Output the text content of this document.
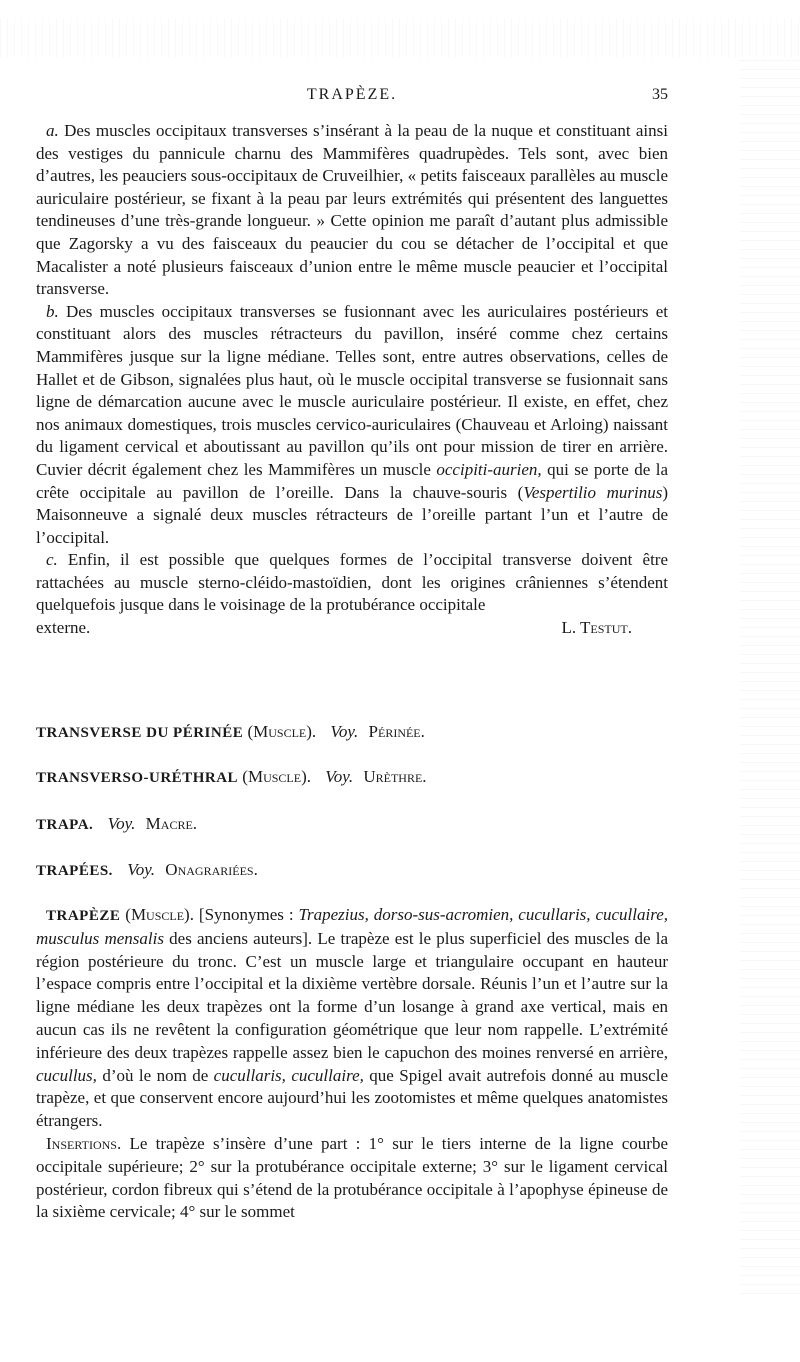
TRAPÈZE.	35

a. Des muscles occipitaux transverses s’insérant à la peau de la nuque et constituant ainsi des vestiges du pannicule charnu des Mammifères quadrupèdes. Tels sont, avec bien d’autres, les peauciers sous-occipitaux de Cruveilhier, « petits faisceaux parallèles au muscle auriculaire postérieur, se fixant à la peau par leurs extrémités qui présentent des languettes tendineuses d’une très-grande longueur. » Cette opinion me paraît d’autant plus admissible que Zagorsky a vu des faisceaux du peaucier du cou se détacher de l’occipital et que Macalister a noté plusieurs faisceaux d’union entre le même muscle peaucier et l’occipital transverse.

b. Des muscles occipitaux transverses se fusionnant avec les auriculaires postérieurs et constituant alors des muscles rétracteurs du pavillon, inséré comme chez certains Mammifères jusque sur la ligne médiane. Telles sont, entre autres observations, celles de Hallet et de Gibson, signalées plus haut, où le muscle occipital transverse se fusionnait sans ligne de démarcation aucune avec le muscle auriculaire postérieur. Il existe, en effet, chez nos animaux domestiques, trois muscles cervico-auriculaires (Chauveau et Arloing) naissant du ligament cervical et aboutissant au pavillon qu’ils ont pour mission de tirer en arrière. Cuvier décrit également chez les Mammifères un muscle occipiti-aurien, qui se porte de la crête occipitale au pavillon de l’oreille. Dans la chauve-souris (Vespertilio murinus) Maisonneuve a signalé deux muscles rétracteurs de l’oreille partant l’un et l’autre de l’occipital.

c. Enfin, il est possible que quelques formes de l’occipital transverse doivent être rattachées au muscle sterno-cléido-mastoïdien, dont les origines crâniennes s’étendent quelquefois jusque dans le voisinage de la protubérance occipitale

externe.	L. Testut.
TRANSVERSE DU PÉRINÉE (Muscle). Voy. Périnée.
TRANSVERSO-URÉTHRAL (Muscle). Voy. Urèthre.
TRAPA. Voy. Macre.
TRAPÉES. Voy. Onagrariées.

TRAPÈZE (Muscle). [Synonymes : Trapezius, dorso-sus-acromien, cucullaris, cucullaire, musculus mensalis des anciens auteurs]. Le trapèze est le plus superficiel des muscles de la région postérieure du tronc. C’est un muscle large et triangulaire occupant en hauteur l’espace compris entre l’occipital et la dixième vertèbre dorsale. Réunis l’un et l’autre sur la ligne médiane les deux trapèzes ont la forme d’un losange à grand axe vertical, mais en aucun cas ils ne revêtent la configuration géométrique que leur nom rappelle. L’extrémité inférieure des deux trapèzes rappelle assez bien le capuchon des moines renversé en arrière, cucullus, d’où le nom de cucullaris, cucullaire, que Spigel avait autrefois donné au muscle trapèze, et que conservent encore aujourd’hui les zootomistes et même quelques anatomistes étrangers.

Insertions. Le trapèze s’insère d’une part : 1° sur le tiers interne de la ligne courbe occipitale supérieure; 2° sur la protubérance occipitale externe; 3° sur le ligament cervical postérieur, cordon fibreux qui s’étend de la protubérance occipitale à l’apophyse épineuse de la sixième cervicale; 4° sur le sommet
